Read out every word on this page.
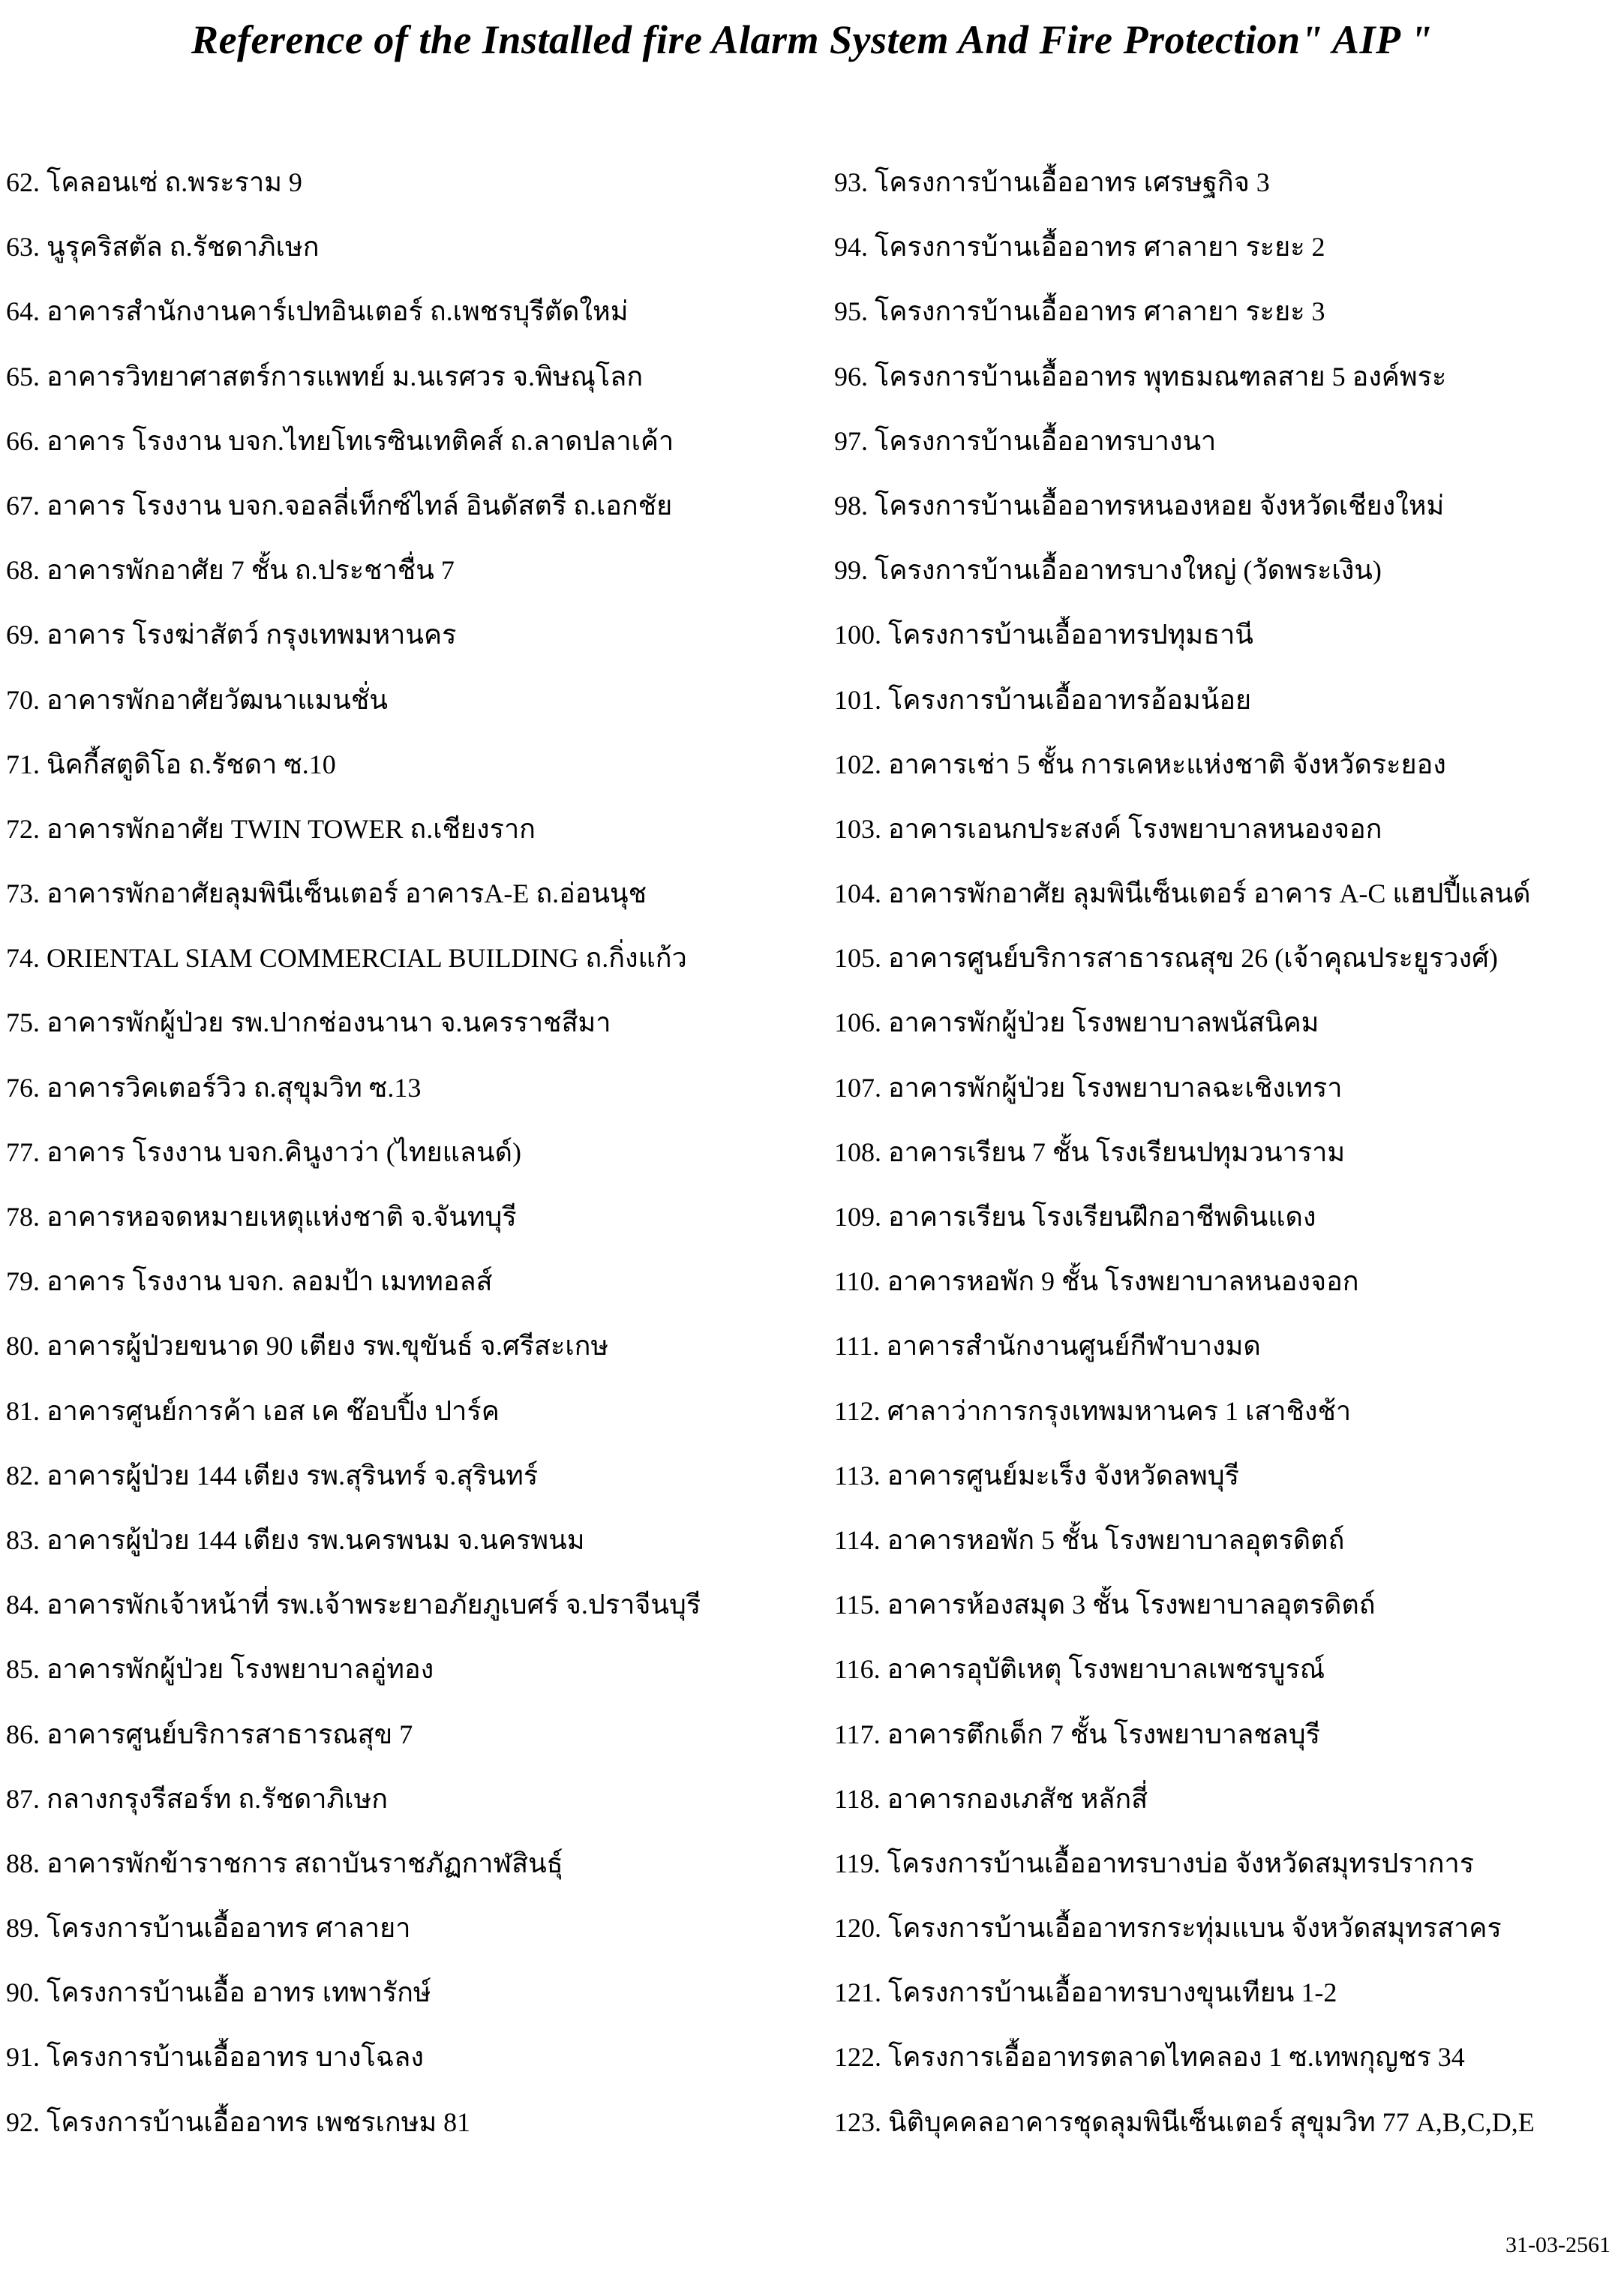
Reference of the Installed fire Alarm System And Fire Protection" AIP "
62. โคลอนเซ่ ถ.พระราม 9
63. นูรุคริสตัล ถ.รัชดาภิเษก
64. อาคารสำนักงานคาร์เปทอินเตอร์ ถ.เพชรบุรีตัดใหม่
65. อาคารวิทยาศาสตร์การแพทย์ ม.นเรศวร จ.พิษณุโลก
66. อาคาร โรงงาน บจก.ไทยโทเรซินเทติคส์ ถ.ลาดปลาเค้า
67. อาคาร โรงงาน บจก.จอลลี่เท็กซ์ไทล์ อินดัสตรี ถ.เอกชัย
68. อาคารพักอาศัย 7 ชั้น ถ.ประชาชื่น 7
69. อาคาร โรงฆ่าสัตว์ กรุงเทพมหานคร
70. อาคารพักอาศัยวัฒนาแมนชั่น
71. นิคกี้สตูดิโอ ถ.รัชดา ซ.10
72. อาคารพักอาศัย TWIN TOWER ถ.เชียงราก
73. อาคารพักอาศัยลุมพินีเซ็นเตอร์ อาคารA-E ถ.อ่อนนุช
74. ORIENTAL SIAM COMMERCIAL BUILDING ถ.กิ่งแก้ว
75. อาคารพักผู้ป่วย รพ.ปากช่องนานา จ.นครราชสีมา
76. อาคารวิคเตอร์วิว ถ.สุขุมวิท ซ.13
77. อาคาร โรงงาน บจก.คินูงาว่า (ไทยแลนด์)
78. อาคารหอจดหมายเหตุแห่งชาติ จ.จันทบุรี
79. อาคาร โรงงาน บจก. ลอมป้า เมททอลส์
80. อาคารผู้ป่วยขนาด 90 เตียง รพ.ขุขันธ์ จ.ศรีสะเกษ
81. อาคารศูนย์การค้า เอส เค ช๊อบปิ้ง ปาร์ค
82. อาคารผู้ป่วย 144 เตียง รพ.สุรินทร์ จ.สุรินทร์
83. อาคารผู้ป่วย 144 เตียง รพ.นครพนม จ.นครพนม
84. อาคารพักเจ้าหน้าที่ รพ.เจ้าพระยาอภัยภูเบศร์ จ.ปราจีนบุรี
85. อาคารพักผู้ป่วย โรงพยาบาลอู่ทอง
86. อาคารศูนย์บริการสาธารณสุข 7
87. กลางกรุงรีสอร์ท ถ.รัชดาภิเษก
88. อาคารพักข้าราชการ สถาบันราชภัฏกาฬสินธุ์
89. โครงการบ้านเอื้ออาทร ศาลายา
90. โครงการบ้านเอื้อ อาทร เทพารักษ์
91. โครงการบ้านเอื้ออาทร บางโฉลง
92. โครงการบ้านเอื้ออาทร เพชรเกษม 81
93. โครงการบ้านเอื้ออาทร เศรษฐกิจ 3
94. โครงการบ้านเอื้ออาทร ศาลายา ระยะ 2
95. โครงการบ้านเอื้ออาทร ศาลายา ระยะ 3
96. โครงการบ้านเอื้ออาทร พุทธมณฑลสาย 5 องค์พระ
97. โครงการบ้านเอื้ออาทรบางนา
98. โครงการบ้านเอื้ออาทรหนองหอย จังหวัดเชียงใหม่
99. โครงการบ้านเอื้ออาทรบางใหญ่ (วัดพระเงิน)
100. โครงการบ้านเอื้ออาทรปทุมธานี
101. โครงการบ้านเอื้ออาทรอ้อมน้อย
102. อาคารเช่า 5 ชั้น การเคหะแห่งชาติ จังหวัดระยอง
103. อาคารเอนกประสงค์ โรงพยาบาลหนองจอก
104. อาคารพักอาศัย ลุมพินีเซ็นเตอร์ อาคาร A-C แฮปปี้แลนด์
105. อาคารศูนย์บริการสาธารณสุข 26 (เจ้าคุณประยูรวงศ์)
106. อาคารพักผู้ป่วย โรงพยาบาลพนัสนิคม
107. อาคารพักผู้ป่วย โรงพยาบาลฉะเชิงเทรา
108. อาคารเรียน 7 ชั้น โรงเรียนปทุมวนาราม
109. อาคารเรียน โรงเรียนฝึกอาชีพดินแดง
110. อาคารหอพัก 9 ชั้น โรงพยาบาลหนองจอก
111. อาคารสำนักงานศูนย์กีฬาบางมด
112. ศาลาว่าการกรุงเทพมหานคร 1 เสาชิงช้า
113. อาคารศูนย์มะเร็ง จังหวัดลพบุรี
114. อาคารหอพัก 5 ชั้น โรงพยาบาลอุตรดิตถ์
115. อาคารห้องสมุด 3 ชั้น โรงพยาบาลอุตรดิตถ์
116. อาคารอุบัติเหตุ โรงพยาบาลเพชรบูรณ์
117. อาคารตึกเด็ก 7 ชั้น โรงพยาบาลชลบุรี
118. อาคารกองเภสัช หลักสี่
119. โครงการบ้านเอื้ออาทรบางบ่อ จังหวัดสมุทรปราการ
120. โครงการบ้านเอื้ออาทรกระทุ่มแบน จังหวัดสมุทรสาคร
121. โครงการบ้านเอื้ออาทรบางขุนเทียน 1-2
122. โครงการเอื้ออาทรตลาดไทคลอง 1 ซ.เทพกุญชร 34
123. นิติบุคคลอาคารชุดลุมพินีเซ็นเตอร์ สุขุมวิท 77 A,B,C,D,E
31-03-2561
